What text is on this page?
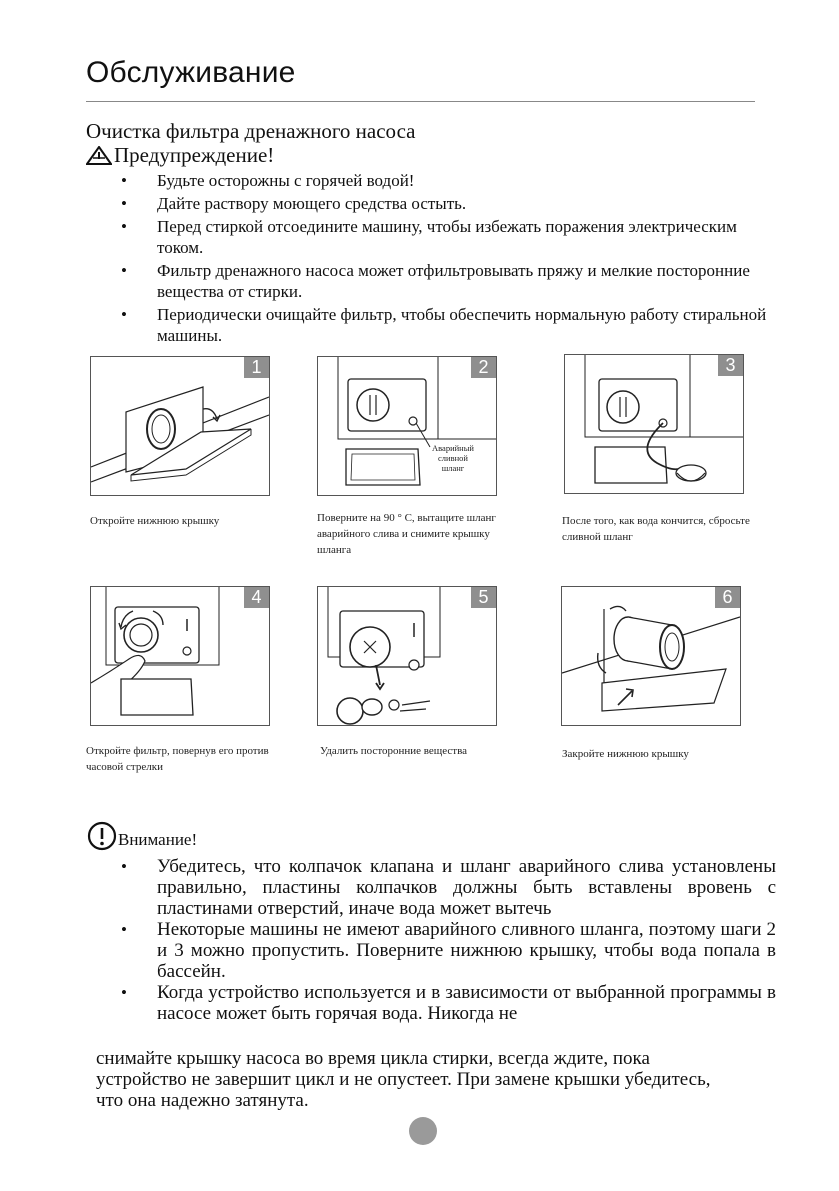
Обслуживание
Очистка фильтра дренажного насоса
Предупреждение!
• Будьте осторожны с горячей водой!
• Дайте раствору моющего средства остыть.
• Перед стиркой отсоедините машину, чтобы избежать поражения электрическим током.
• Фильтр дренажного насоса может отфильтровывать пряжу и мелкие посторонние вещества от стирки.
• Периодически очищайте фильтр, чтобы обеспечить нормальную работу стиральной машины.
1
Откройте нижнюю крышку
2
Аварийный сливной шланг
Поверните на 90 ° C, вытащите шланг аварийного слива и снимите крышку шланга
3
После того, как вода кончится, сбросьте сливной шланг
4
Откройте фильтр, повернув его против часовой стрелки
5
Удалить посторонние вещества
6
Закройте нижнюю крышку
Внимание!
• Убедитесь, что колпачок клапана и шланг аварийного слива установлены правильно, пластины колпачков должны быть вставлены вровень с пластинами отверстий, иначе вода может вытечь
• Некоторые машины не имеют аварийного сливного шланга, поэтому шаги 2 и 3 можно пропустить. Поверните нижнюю крышку, чтобы вода попала в бассейн.
• Когда устройство используется и в зависимости от выбранной программы в насосе может быть горячая вода. Никогда не
снимайте крышку насоса во время цикла стирки, всегда ждите, пока устройство не завершит цикл и не опустеет. При замене крышки убедитесь, что она надежно затянута.
